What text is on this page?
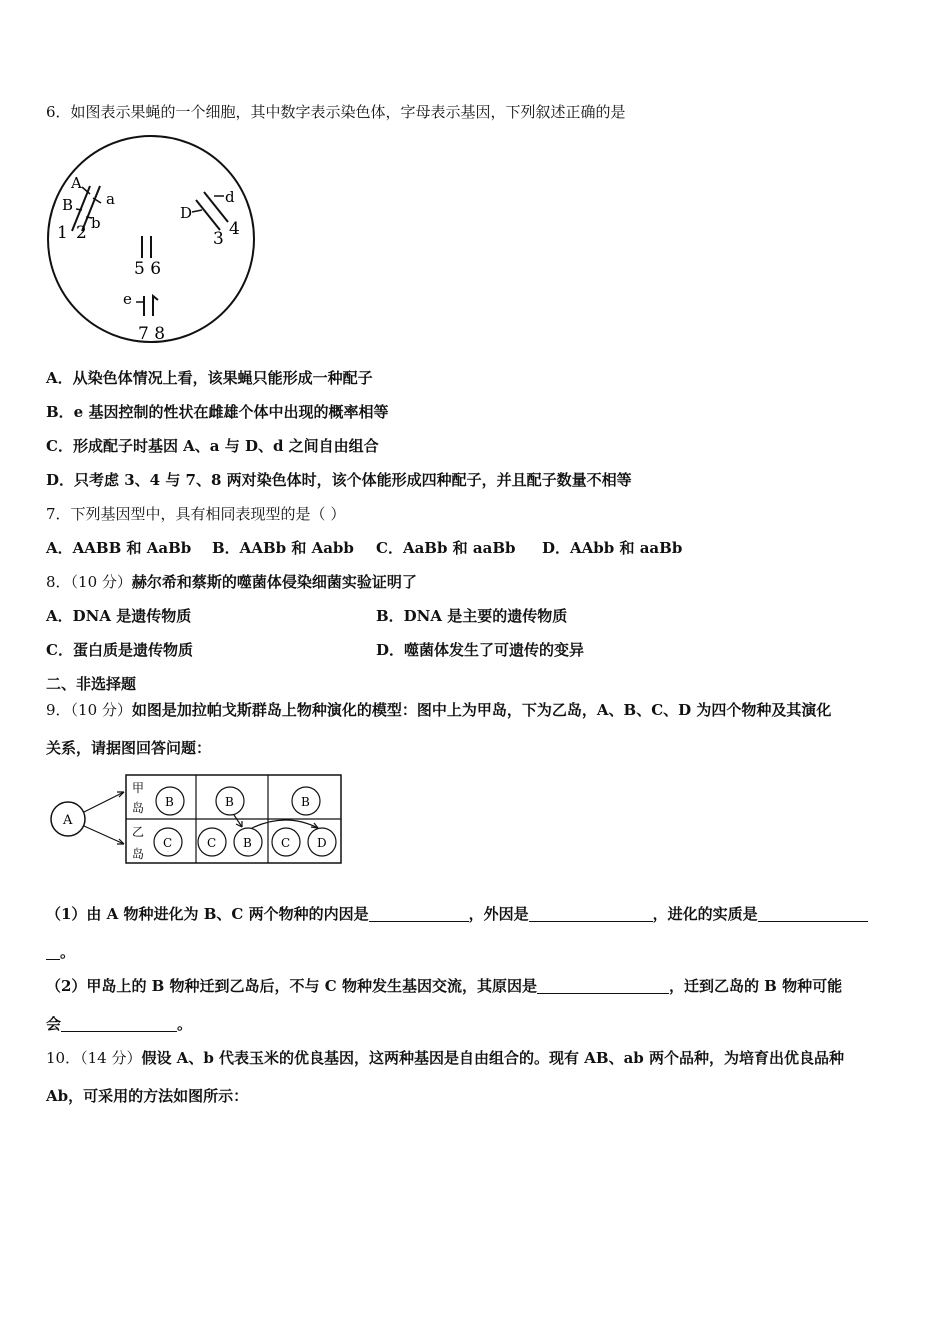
6．如图表示果蝇的一个细胞，其中数字表示染色体，字母表示基因，下列叙述正确的是
A
B a
b
1 2
D
d
3 4
5 6
e
7 8
A．从染色体情况上看，该果蝇只能形成一种配子
B．e 基因控制的性状在雌雄个体中出现的概率相等
C．形成配子时基因 A、a 与 D、d 之间自由组合
D．只考虑 3、4 与 7、8 两对染色体时，该个体能形成四种配子，并且配子数量不相等
7．下列基因型中，具有相同表现型的是（ ）
A．AABB 和 AaBb B．AABb 和 Aabb C．AaBb 和 aaBb D．AAbb 和 aaBb
8．（10 分）赫尔希和蔡斯的噬菌体侵染细菌实验证明了
A．DNA 是遗传物质	B．DNA 是主要的遗传物质
C．蛋白质是遗传物质	D．噬菌体发生了可遗传的变异
二、非选择题
9．（10 分）如图是加拉帕戈斯群岛上物种演化的模型：图中上为甲岛，下为乙岛，A、B、C、D 为四个物种及其演化
关系，请据图回答问题：
A
甲
岛
乙
岛
B	B	B
C	C B C D
（1）由 A 物种进化为 B、C 两个物种的内因是	，外因是	，进化的实质是
。
（2）甲岛上的 B 物种迁到乙岛后，不与 C 物种发生基因交流，其原因是	，迁到乙岛的 B 物种可能
会	。
10．（14 分）假设 A、b 代表玉米的优良基因，这两种基因是自由组合的。现有 AB、ab 两个品种，为培育出优良品种
Ab，可采用的方法如图所示：
